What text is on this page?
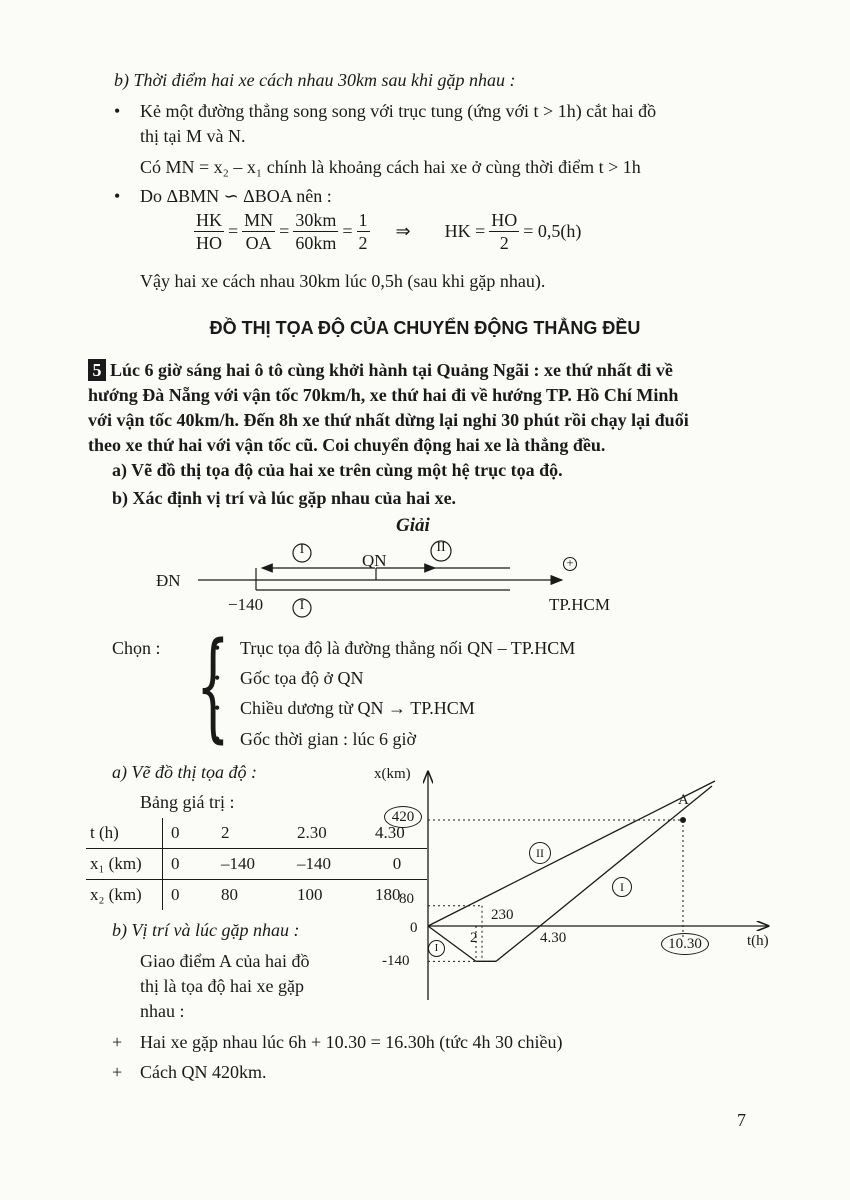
b) Thời điểm hai xe cách nhau 30km sau khi gặp nhau :
• Kẻ một đường thẳng song song với trục tung (ứng với t > 1h) cắt hai đồ
thị tại M và N.
Có MN = x₂ – x₁ chính là khoảng cách hai xe ở cùng thời điểm t > 1h
• Do ΔBMN ∽ ΔBOA nên :
$\frac{HK}{HO} = \frac{MN}{OA} = \frac{30km}{60km} = \frac{1}{2}$ ⇒ HK = $\frac{HO}{2} = 0,5(h)$
Vậy hai xe cách nhau 30km lúc 0,5h (sau khi gặp nhau).
ĐỒ THỊ TỌA ĐỘ CỦA CHUYỂN ĐỘNG THẲNG ĐỀU
5 Lúc 6 giờ sáng hai ô tô cùng khởi hành tại Quảng Ngãi : xe thứ nhất đi về
hướng Đà Nẵng với vận tốc 70km/h, xe thứ hai đi về hướng TP. Hồ Chí Minh
với vận tốc 40km/h. Đến 8h xe thứ nhất dừng lại nghỉ 30 phút rồi chạy lại đuổi
theo xe thứ hai với vận tốc cũ. Coi chuyển động hai xe là thẳng đều.
a) Vẽ đồ thị tọa độ của hai xe trên cùng một hệ trục tọa độ.
b) Xác định vị trí và lúc gặp nhau của hai xe.
Giải
ĐN
QN
I	II
I
+
−140	TP.HCM
Chọn : { • Trục tọa độ là đường thẳng nối QN – TP.HCM
• Gốc tọa độ ở QN
• Chiều dương từ QN → TP.HCM
• Gốc thời gian : lúc 6 giờ
a) Vẽ đồ thị tọa độ :
Bảng giá trị :
t (h)	0	2	2.30	4.30
x₁ (km)	0	–140	–140	0
x₂ (km)	0	80	100	180
b) Vị trí và lúc gặp nhau :
Giao điểm A của hai đồ
thị là tọa độ hai xe gặp
nhau :
+ Hai xe gặp nhau lúc 6h + 10.30 = 16.30h (tức 4h 30 chiều)
+ Cách QN 420km.
x(km)
t(h)
420
80
0
-140
2
230
4.30	10.30
A
II
I
I
7
